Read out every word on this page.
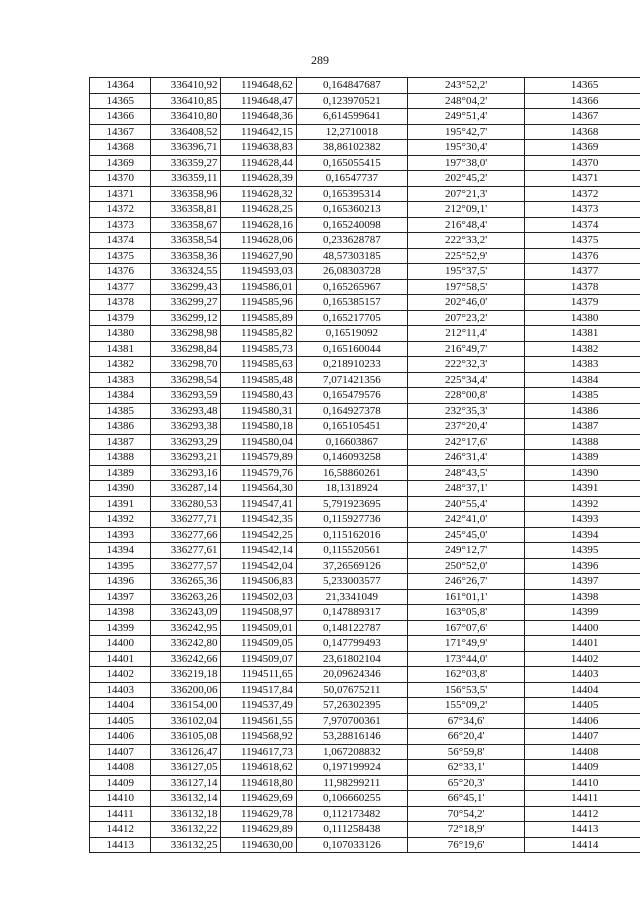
289
14364	336410,92	1194648,62	0,164847687	243°52,2'	14365
14365	336410,85	1194648,47	0,123970521	248°04,2'	14366
14366	336410,80	1194648,36	6,614599641	249°51,4'	14367
14367	336408,52	1194642,15	12,2710018	195°42,7'	14368
14368	336396,71	1194638,83	38,86102382	195°30,4'	14369
14369	336359,27	1194628,44	0,165055415	197°38,0'	14370
14370	336359,11	1194628,39	0,16547737	202°45,2'	14371
14371	336358,96	1194628,32	0,165395314	207°21,3'	14372
14372	336358,81	1194628,25	0,165360213	212°09,1'	14373
14373	336358,67	1194628,16	0,165240098	216°48,4'	14374
14374	336358,54	1194628,06	0,233628787	222°33,2'	14375
14375	336358,36	1194627,90	48,57303185	225°52,9'	14376
14376	336324,55	1194593,03	26,08303728	195°37,5'	14377
14377	336299,43	1194586,01	0,165265967	197°58,5'	14378
14378	336299,27	1194585,96	0,165385157	202°46,0'	14379
14379	336299,12	1194585,89	0,165217705	207°23,2'	14380
14380	336298,98	1194585,82	0,16519092	212°11,4'	14381
14381	336298,84	1194585,73	0,165160044	216°49,7'	14382
14382	336298,70	1194585,63	0,218910233	222°32,3'	14383
14383	336298,54	1194585,48	7,071421356	225°34,4'	14384
14384	336293,59	1194580,43	0,165479576	228°00,8'	14385
14385	336293,48	1194580,31	0,164927378	232°35,3'	14386
14386	336293,38	1194580,18	0,165105451	237°20,4'	14387
14387	336293,29	1194580,04	0,16603867	242°17,6'	14388
14388	336293,21	1194579,89	0,146093258	246°31,4'	14389
14389	336293,16	1194579,76	16,58860261	248°43,5'	14390
14390	336287,14	1194564,30	18,1318924	248°37,1'	14391
14391	336280,53	1194547,41	5,791923695	240°55,4'	14392
14392	336277,71	1194542,35	0,115927736	242°41,0'	14393
14393	336277,66	1194542,25	0,115162016	245°45,0'	14394
14394	336277,61	1194542,14	0,115520561	249°12,7'	14395
14395	336277,57	1194542,04	37,26569126	250°52,0'	14396
14396	336265,36	1194506,83	5,233003577	246°26,7'	14397
14397	336263,26	1194502,03	21,3341049	161°01,1'	14398
14398	336243,09	1194508,97	0,147889317	163°05,8'	14399
14399	336242,95	1194509,01	0,148122787	167°07,6'	14400
14400	336242,80	1194509,05	0,147799493	171°49,9'	14401
14401	336242,66	1194509,07	23,61802104	173°44,0'	14402
14402	336219,18	1194511,65	20,09624346	162°03,8'	14403
14403	336200,06	1194517,84	50,07675211	156°53,5'	14404
14404	336154,00	1194537,49	57,26302395	155°09,2'	14405
14405	336102,04	1194561,55	7,970700361	67°34,6'	14406
14406	336105,08	1194568,92	53,28816146	66°20,4'	14407
14407	336126,47	1194617,73	1,067208832	56°59,8'	14408
14408	336127,05	1194618,62	0,197199924	62°33,1'	14409
14409	336127,14	1194618,80	11,98299211	65°20,3'	14410
14410	336132,14	1194629,69	0,106660255	66°45,1'	14411
14411	336132,18	1194629,78	0,112173482	70°54,2'	14412
14412	336132,22	1194629,89	0,111258438	72°18,9'	14413
14413	336132,25	1194630,00	0,107033126	76°19,6'	14414
